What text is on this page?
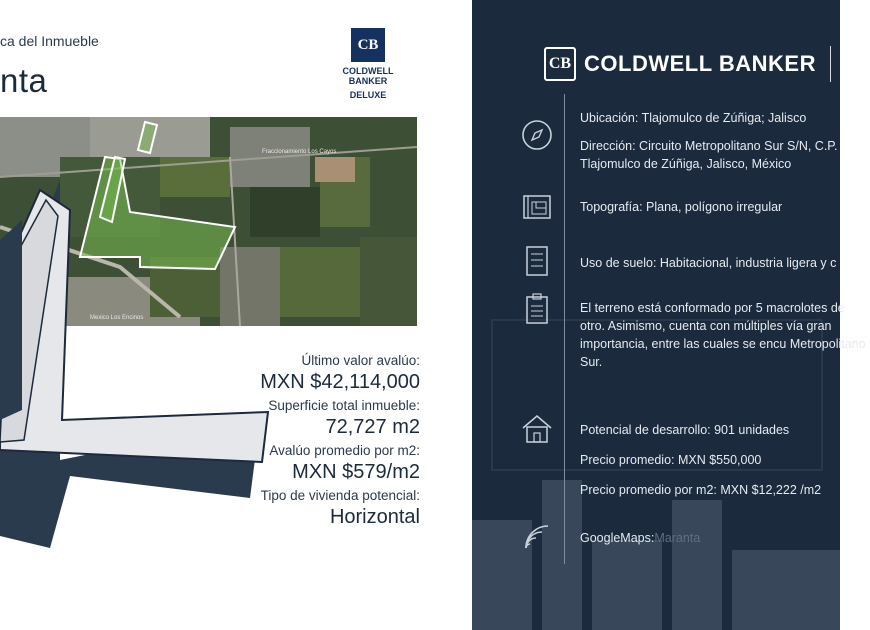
ca del Inmueble
nta
CB
COLDWELL BANKER
DELUXE
Fraccionamiento Los Cayos
Mexico Los Encinos
Último valor avalúo:
MXN $42,114,000
Superficie total inmueble:
72,727 m2
Avalúo promedio por m2:
MXN $579/m2
Tipo de vivienda potencial:
Horizontal
CB COLDWELL BANKER D
Ubicación: Tlajomulco de Zúñiga; Jalisco
Dirección: Circuito Metropolitano Sur S/N, C.P.
Tlajomulco de Zúñiga, Jalisco, México
Topografía: Plana, polígono irregular
Uso de suelo: Habitacional, industria ligera y c
El terreno está conformado por 5 macrolotes de otro. Asimismo, cuenta con múltiples vía gran importancia, entre las cuales se encu Metropolitano Sur.
Potencial de desarrollo: 901 unidades
Precio promedio: MXN $550,000
Precio promedio por m2: MXN $12,222 /m2
GoogleMaps:Maranta
